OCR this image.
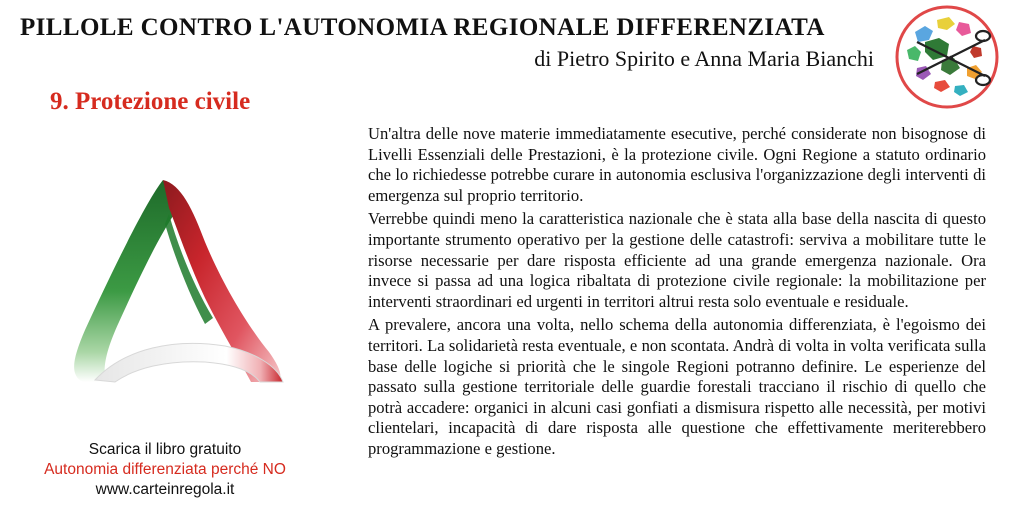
PILLOLE CONTRO L'AUTONOMIA REGIONALE DIFFERENZIATA
di Pietro Spirito e Anna Maria Bianchi
9. Protezione civile
Scarica il libro gratuito
Autonomia differenziata perché NO
www.carteinregola.it

Un'altra delle nove materie immediatamente esecutive, perché considerate non bisognose di Livelli Essenziali delle Prestazioni, è la protezione civile. Ogni Regione a statuto ordinario che lo richiedesse potrebbe curare in autonomia esclusiva l'organizzazione degli interventi di emergenza sul proprio territorio.

Verrebbe quindi meno la caratteristica nazionale che è stata alla base della nascita di questo importante strumento operativo per la gestione delle catastrofi: serviva a mobilitare tutte le risorse necessarie per dare risposta efficiente ad una grande emergenza nazionale. Ora invece si passa ad una logica ribaltata di protezione civile regionale: la mobilitazione per interventi straordinari ed urgenti in territori altrui resta solo eventuale e residuale.

A prevalere, ancora una volta, nello schema della autonomia differenziata, è l'egoismo dei territori. La solidarietà resta eventuale, e non scontata. Andrà di volta in volta verificata sulla base delle logiche si priorità che le singole Regioni potranno definire. Le esperienze del passato sulla gestione territoriale delle guardie forestali tracciano il rischio di quello che potrà accadere: organici in alcuni casi gonfiati a dismisura rispetto alle necessità, per motivi clientelari, incapacità di dare risposta alle questione che effettivamente meriterebbero programmazione e gestione.
